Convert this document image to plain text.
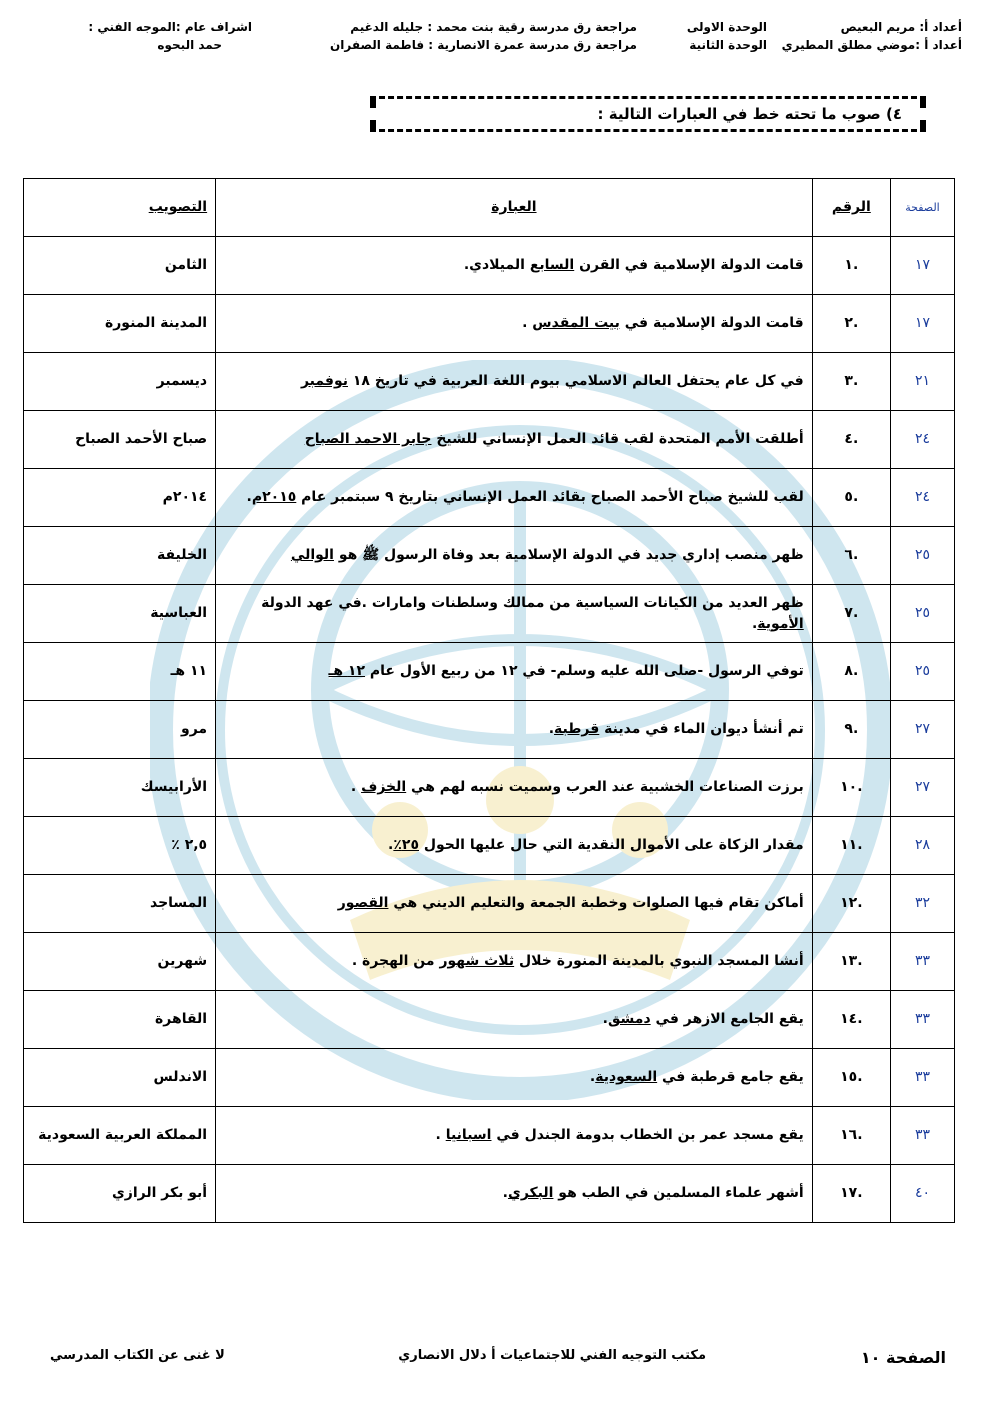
أعداد أ: مريم البعيص
أعداد أ :موضي مطلق المطيري
الوحدة الاولى
الوحدة الثانية
مراجعة رق مدرسة رقية بنت محمد : جليله الدغيم
مراجعة رق مدرسة عمرة الانصارية : فاطمة الصفران
اشراف عام :الموجه الفني :
حمد البحوه
٤) صوب ما تحته خط في العبارات التالية :
الصفحة	الرقم	العبارة	التصويب
١٧	.١	قامت الدولة الإسلامية في القرن السابع الميلادي.	الثامن
١٧	.٢	قامت الدولة الإسلامية في بيت المقدس .	المدينة المنورة
٢١	.٣	في كل عام يحتفل العالم الاسلامي بيوم اللغة العربية في تاريخ ١٨ نوفمبر	ديسمبر
٢٤	.٤	أطلقت الأمم المتحدة لقب قائد العمل الإنساني للشيخ جابر الاحمد الصباح	صباح الأحمد الصباح
٢٤	.٥	لقب للشيخ صباح الأحمد الصباح بقائد العمل الإنساني بتاريخ ٩ سبتمبر عام ٢٠١٥م.	٢٠١٤م
٢٥	.٦	ظهر منصب إداري جديد في الدولة الإسلامية بعد وفاة الرسول ﷺ هو الوالي	الخليفة
٢٥	.٧	ظهر العديد من الكيانات السياسية من ممالك وسلطنات وامارات .في عهد الدولة الأموية.	العباسية
٢٥	.٨	توفي الرسول -صلى الله عليه وسلم- في ١٢ من ربيع الأول عام ١٢ هـ	١١ هـ
٢٧	.٩	تم أنشأ ديوان الماء في مدينة قرطبة.	مرو
٢٧	.١٠	برزت الصناعات الخشبية عند العرب وسميت نسبه لهم هي الخزف .	الأرابيسك
٢٨	.١١	مقدار الزكاة على الأموال النقدية التي حال عليها الحول ٢٥٪.	٢,٥ ٪
٣٢	.١٢	أماكن تقام فيها الصلوات وخطبة الجمعة والتعليم الديني هي القصور	المساجد
٣٣	.١٣	أنشا المسجد النبوي بالمدينة المنورة خلال ثلاث شهور من الهجرة .	شهرين
٣٣	.١٤	يقع الجامع الازهر في دمشق.	القاهرة
٣٣	.١٥	يقع جامع قرطبة في السعودية.	الاندلس
٣٣	.١٦	يقع مسجد عمر بن الخطاب بدومة الجندل في اسبانيا .	المملكة العربية السعودية
٤٠	.١٧	أشهر علماء المسلمين في الطب هو البكري.	أبو بكر الرازي
الصفحة ١٠
مكتب التوجيه الفني للاجتماعيات أ دلال الانصاري
لا غنى عن الكتاب المدرسي
